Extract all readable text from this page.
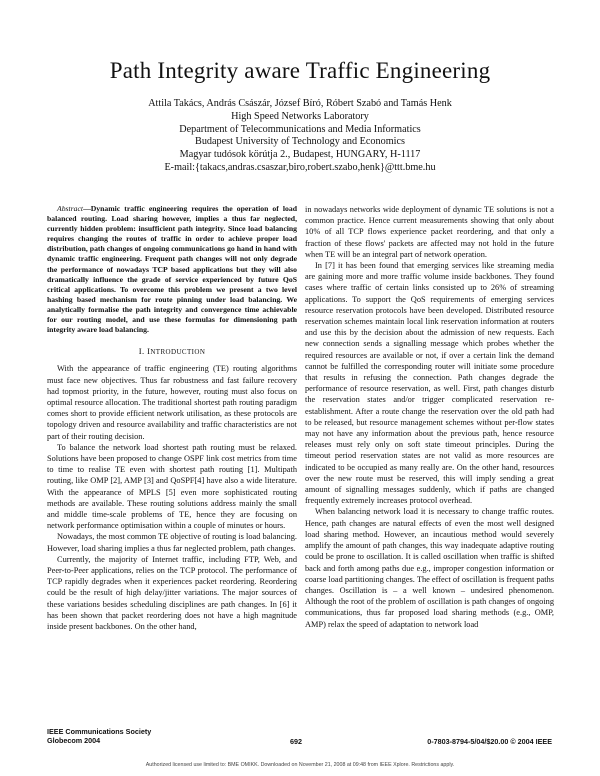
Path Integrity aware Traffic Engineering
Attila Takács, András Császár, József Bíró, Róbert Szabó and Tamás Henk
High Speed Networks Laboratory
Department of Telecommunications and Media Informatics
Budapest University of Technology and Economics
Magyar tudósok körútja 2., Budapest, HUNGARY, H-1117
E-mail:{takacs,andras.csaszar,biro,robert.szabo,henk}@ttt.bme.hu

Abstract—Dynamic traffic engineering requires the operation of load balanced routing. Load sharing however, implies a thus far neglected, currently hidden problem: insufficient path integrity. Since load balancing requires changing the routes of traffic in order to achieve proper load distribution, path changes of ongoing communications go hand in hand with dynamic traffic engineering. Frequent path changes will not only degrade the performance of nowadays TCP based applications but they will also dramatically influence the grade of service experienced by future QoS critical applications. To overcome this problem we present a two level hashing based mechanism for route pinning under load balancing. We analytically formalise the path integrity and convergence time achievable for our routing model, and use these formulas for dimensioning path integrity aware load balancing.

I. INTRODUCTION

With the appearance of traffic engineering (TE) routing algorithms must face new objectives. Thus far robustness and fast failure recovery had topmost priority, in the future, however, routing must also focus on optimal resource allocation. The traditional shortest path routing paradigm comes short to provide efficient network utilisation, as these protocols are topology driven and resource availability and traffic characteristics are not part of their routing decision.

To balance the network load shortest path routing must be relaxed. Solutions have been proposed to change OSPF link cost metrics from time to time to realise TE even with shortest path routing [1]. Multipath routing, like OMP [2], AMP [3] and QoSPF[4] have also a wide literature. With the appearance of MPLS [5] even more sophisticated routing methods are available. These routing solutions address mainly the small and middle time-scale problems of TE, hence they are focusing on network performance optimisation within a couple of minutes or hours.

Nowadays, the most common TE objective of routing is load balancing. However, load sharing implies a thus far neglected problem, path changes.

Currently, the majority of Internet traffic, including FTP, Web, and Peer-to-Peer applications, relies on the TCP protocol. The performance of TCP rapidly degrades when it experiences packet reordering. Reordering could be the result of high delay/jitter variations. The major sources of these variations besides scheduling disciplines are path changes. In [6] it has been shown that packet reordering does not have a high magnitude inside present backbones. On the other hand,

in nowadays networks wide deployment of dynamic TE solutions is not a common practice. Hence current measurements showing that only about 10% of all TCP flows experience packet reordering, and that only a fraction of these flows' packets are affected may not hold in the future when TE will be an integral part of network operation.

In [7] it has been found that emerging services like streaming media are gaining more and more traffic volume inside backbones. They found cases where traffic of certain links consisted up to 26% of streaming applications. To support the QoS requirements of emerging services resource reservation protocols have been developed. Distributed resource reservation schemes maintain local link reservation information at routers and use this by the decision about the admission of new requests. Each new connection sends a signalling message which probes whether the required resources are available or not, if over a certain link the demand cannot be fulfilled the corresponding router will initiate some procedure that results in refusing the connection. Path changes degrade the performance of resource reservation, as well. First, path changes disturb the reservation states and/or trigger complicated reservation re-establishment. After a route change the reservation over the old path had to be released, but resource management schemes without per-flow states may not have any information about the previous path, hence resource releases must rely only on soft state timeout principles. During the timeout period reservation states are not valid as more resources are indicated to be occupied as many really are. On the other hand, resources over the new route must be reserved, this will imply sending a great amount of signalling messages suddenly, which if paths are changed frequently extremely increases protocol overhead.

When balancing network load it is necessary to change traffic routes. Hence, path changes are natural effects of even the most well designed load sharing method. However, an incautious method would severely amplify the amount of path changes, this way inadequate adaptive routing could be prone to oscillation. It is called oscillation when traffic is shifted back and forth among paths due e.g., improper congestion information or coarse load partitioning changes. The effect of oscillation is frequent paths changes. Oscillation is – a well known – undesired phenomenon. Although the root of the problem of oscillation is path changes of ongoing communications, thus far proposed load sharing methods (e.g., OMP, AMP) relax the speed of adaptation to network load

IEEE Communications Society
Globecom 2004	692	0-7803-8794-5/04/$20.00 © 2004 IEEE
Authorized licensed use limited to: BME OMIKK. Downloaded on November 21, 2008 at 09:48 from IEEE Xplore. Restrictions apply.
